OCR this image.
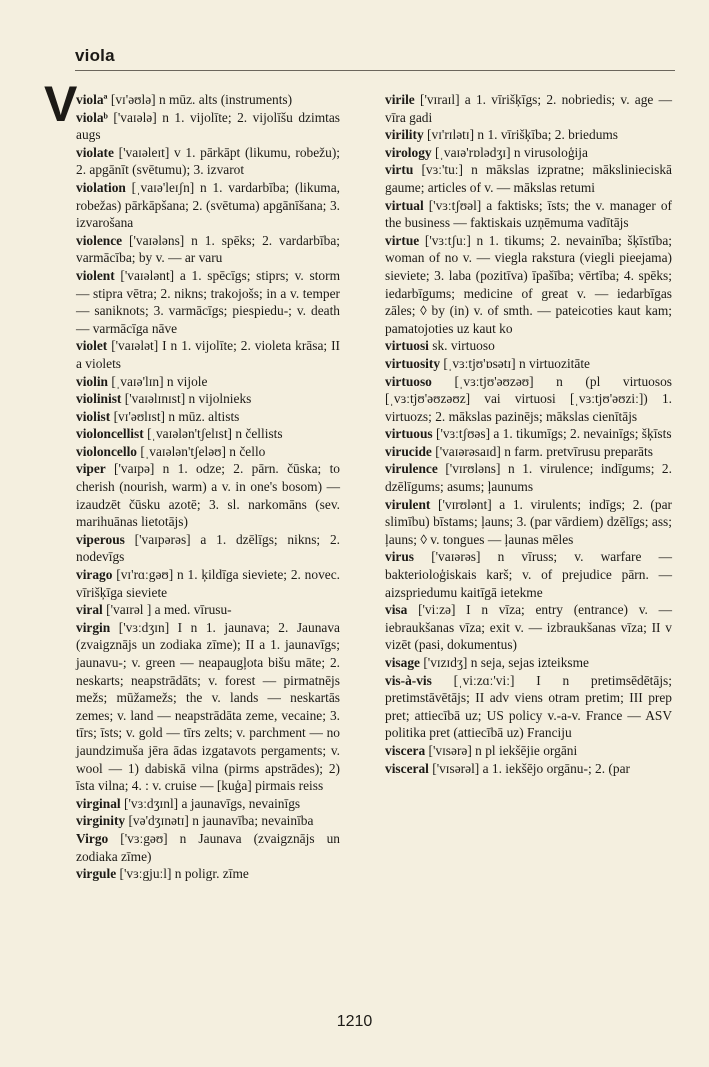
viola
V

violaª [vɪ'əʊlə] n mūz. alts (instruments)

violaᵇ ['vaɪələ] n 1. vijolīte; 2. vijolīšu dzimtas augs

violate ['vaɪəleɪt] v 1. pārkāpt (likumu, robežu); 2. apgānīt (svētumu); 3. izvarot

violation [ˌvaɪə'leɪʃn] n 1. vardarbība; (likuma, robežas) pārkāpšana; 2. (svētuma) apgānīšana; 3. izvarošana

violence ['vaɪələns] n 1. spēks; 2. vardarbība; varmācība; by v. — ar varu

violent ['vaɪələnt] a 1. spēcīgs; stiprs; v. storm — stipra vētra; 2. nikns; trakojošs; in a v. temper — saniknots; 3. varmācīgs; piespiedu-; v. death — varmācīga nāve

violet ['vaɪələt] I n 1. vijolīte; 2. violeta krāsa; II a violets

violin [ˌvaɪə'lɪn] n vijole

violinist ['vaɪəlɪnɪst] n vijolnieks

violist [vɪ'əʊlɪst] n mūz. altists

violoncellist [ˌvaɪələn'tʃelɪst] n čellists

violoncello [ˌvaɪələn'tʃeləʊ] n čello

viper ['vaɪpə] n 1. odze; 2. pārn. čūska; to cherish (nourish, warm) a v. in one's bosom) — izaudzēt čūsku azotē; 3. sl. narkomāns (sev. marihuānas lietotājs)

viperous ['vaɪpərəs] a 1. dzēlīgs; nikns; 2. nodevīgs

virago [vɪ'rɑːgəʊ] n 1. ķildīga sieviete; 2. novec. vīrišķīga sieviete

viral ['vaɪrəl ] a med. vīrusu-

virgin ['vɜːdʒɪn] I n 1. jaunava; 2. Jaunava (zvaigznājs un zodiaka zīme); II a 1. jaunavīgs; jaunavu-; v. green — neapaugļota bišu māte; 2. neskarts; neapstrādāts; v. forest — pirmatnējs mežs; mūžamežs; the v. lands — neskartās zemes; v. land — neapstrādāta zeme, vecaine; 3. tīrs; īsts; v. gold — tīrs zelts; v. parchment — no jaundzimuša jēra ādas izgatavots pergaments; v. wool — 1) dabiskā vilna (pirms apstrādes); 2) īsta vilna; 4. : v. cruise — [kuģa] pirmais reiss

virginal ['vɜːdʒɪnl] a jaunavīgs, nevainīgs

virginity [və'dʒɪnətɪ] n jaunavība; nevainība

Virgo ['vɜːgəʊ] n Jaunava (zvaigznājs un zodiaka zīme)

virgule ['vɜːgjuːl] n poligr. zīme

virile ['vɪraɪl] a 1. vīrišķīgs; 2. nobriedis; v. age — vīra gadi

virility [vɪ'rɪlətɪ] n 1. vīrišķība; 2. briedums

virology [ˌvaɪə'rɒlədʒɪ] n virusoloģija

virtu [vɜː'tuː] n mākslas izpratne; mākslinieciskā gaume; articles of v. — mākslas retumi

virtual ['vɜːtʃʊəl] a faktisks; īsts; the v. manager of the business — faktiskais uzņēmuma vadītājs

virtue ['vɜːtʃuː] n 1. tikums; 2. nevainība; šķīstība; woman of no v. — viegla rakstura (viegli pieejama) sieviete; 3. laba (pozitīva) īpašība; vērtība; 4. spēks; iedarbīgums; medicine of great v. — iedarbīgas zāles; ◊ by (in) v. of smth. — pateicoties kaut kam; pamatojoties uz kaut ko

virtuosi sk. virtuoso

virtuosity [ˌvɜːtjʊ'ɒsətɪ] n virtuozitāte

virtuoso [ˌvɜːtjʊ'əʊzəʊ] n (pl virtuosos [ˌvɜːtjʊ'əʊzəʊz] vai virtuosi [ˌvɜːtjʊ'əʊziː]) 1. virtuozs; 2. mākslas pazinējs; mākslas cienītājs

virtuous ['vɜːtʃʊəs] a 1. tikumīgs; 2. nevainīgs; šķīsts

virucide ['vaɪərəsaɪd] n farm. pretvīrusu preparāts

virulence ['vɪrʊləns] n 1. virulence; indīgums; 2. dzēlīgums; asums; ļaunums

virulent ['vɪrʊlənt] a 1. virulents; indīgs; 2. (par slimību) bīstams; ļauns; 3. (par vārdiem) dzēlīgs; ass; ļauns; ◊ v. tongues — ļaunas mēles

virus ['vaɪərəs] n vīruss; v. warfare — bakterioloģiskais karš; v. of prejudice pārn. — aizspriedumu kaitīgā ietekme

visa ['viːzə] I n vīza; entry (entrance) v. — iebraukšanas vīza; exit v. — izbraukšanas vīza; II v vizēt (pasi, dokumentus)

visage ['vɪzɪdʒ] n seja, sejas izteiksme

vis-à-vis [ˌviːzɑː'viː] I n pretimsēdētājs; pretimstāvētājs; II adv viens otram pretim; III prep pret; attiecībā uz; US policy v.-a-v. France — ASV politika pret (attiecībā uz) Franciju

viscera ['vɪsərə] n pl iekšējie orgāni

visceral ['vɪsərəl] a 1. iekšējo orgānu-; 2. (par

1210
